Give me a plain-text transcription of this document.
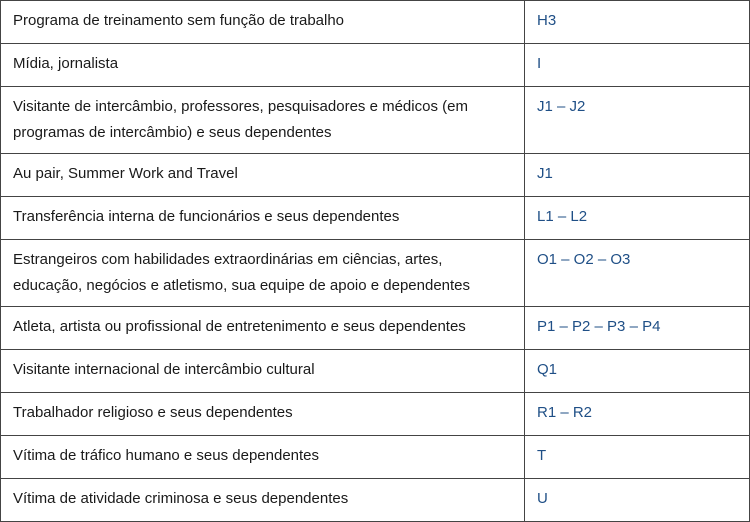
Programa de treinamento sem função de trabalho	H3
Mídia, jornalista	I
Visitante de intercâmbio, professores, pesquisadores e médicos (em programas de intercâmbio) e seus dependentes	J1 – J2
Au pair, Summer Work and Travel	J1
Transferência interna de funcionários e seus dependentes	L1 – L2
Estrangeiros com habilidades extraordinárias em ciências, artes, educação, negócios e atletismo, sua equipe de apoio e dependentes	O1 – O2 – O3
Atleta, artista ou profissional de entretenimento e seus dependentes	P1 – P2 – P3 – P4
Visitante internacional de intercâmbio cultural	Q1
Trabalhador religioso e seus dependentes	R1 – R2
Vítima de tráfico humano e seus dependentes	T
Vítima de atividade criminosa e seus dependentes	U
